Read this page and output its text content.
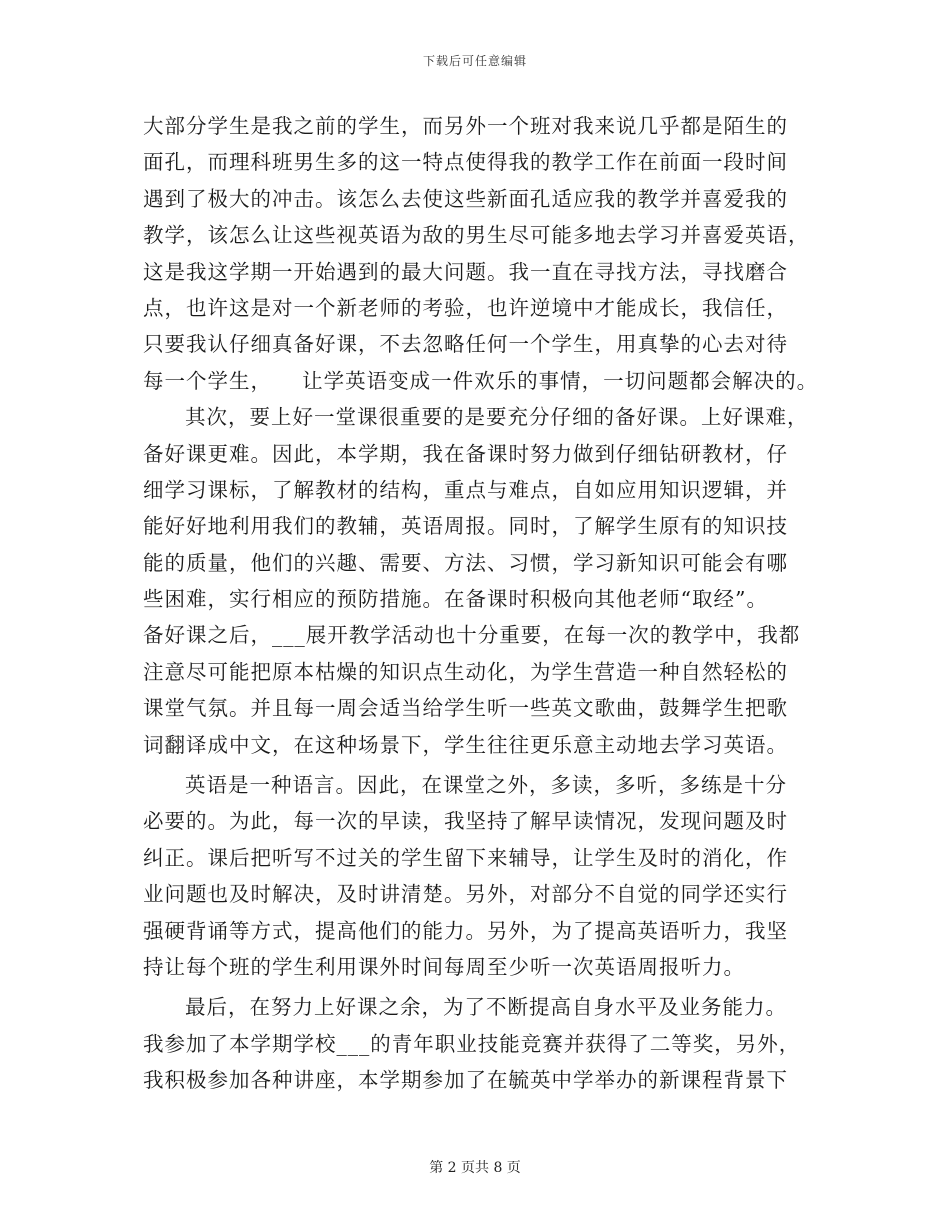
下载后可任意编辑
大部分学生是我之前的学生，而另外一个班对我来说几乎都是陌生的
面孔，而理科班男生多的这一特点使得我的教学工作在前面一段时间
遇到了极大的冲击。该怎么去使这些新面孔适应我的教学并喜爱我的
教学，该怎么让这些视英语为敌的男生尽可能多地去学习并喜爱英语，
这是我这学期一开始遇到的最大问题。我一直在寻找方法，寻找磨合
点，也许这是对一个新老师的考验，也许逆境中才能成长，我信任，
只要我认仔细真备好课，不去忽略任何一个学生，用真挚的心去对待
每一个学生，    让学英语变成一件欢乐的事情，一切问题都会解决的。
其次，要上好一堂课很重要的是要充分仔细的备好课。上好课难，
备好课更难。因此，本学期，我在备课时努力做到仔细钻研教材，仔
细学习课标，了解教材的结构，重点与难点，自如应用知识逻辑，并
能好好地利用我们的教辅，英语周报。同时，了解学生原有的知识技
能的质量，他们的兴趣、需要、方法、习惯，学习新知识可能会有哪
些困难，实行相应的预防措施。在备课时积极向其他老师“取经”。
备好课之后，___展开教学活动也十分重要，在每一次的教学中，我都
注意尽可能把原本枯燥的知识点生动化，为学生营造一种自然轻松的
课堂气氛。并且每一周会适当给学生听一些英文歌曲，鼓舞学生把歌
词翻译成中文，在这种场景下，学生往往更乐意主动地去学习英语。
英语是一种语言。因此，在课堂之外，多读，多听，多练是十分
必要的。为此，每一次的早读，我坚持了解早读情况，发现问题及时
纠正。课后把听写不过关的学生留下来辅导，让学生及时的消化，作
业问题也及时解决，及时讲清楚。另外，对部分不自觉的同学还实行
强硬背诵等方式，提高他们的能力。另外，为了提高英语听力，我坚
持让每个班的学生利用课外时间每周至少听一次英语周报听力。
最后，在努力上好课之余，为了不断提高自身水平及业务能力。
我参加了本学期学校___的青年职业技能竞赛并获得了二等奖，另外，
我积极参加各种讲座，本学期参加了在毓英中学举办的新课程背景下
第 2 页共 8 页
